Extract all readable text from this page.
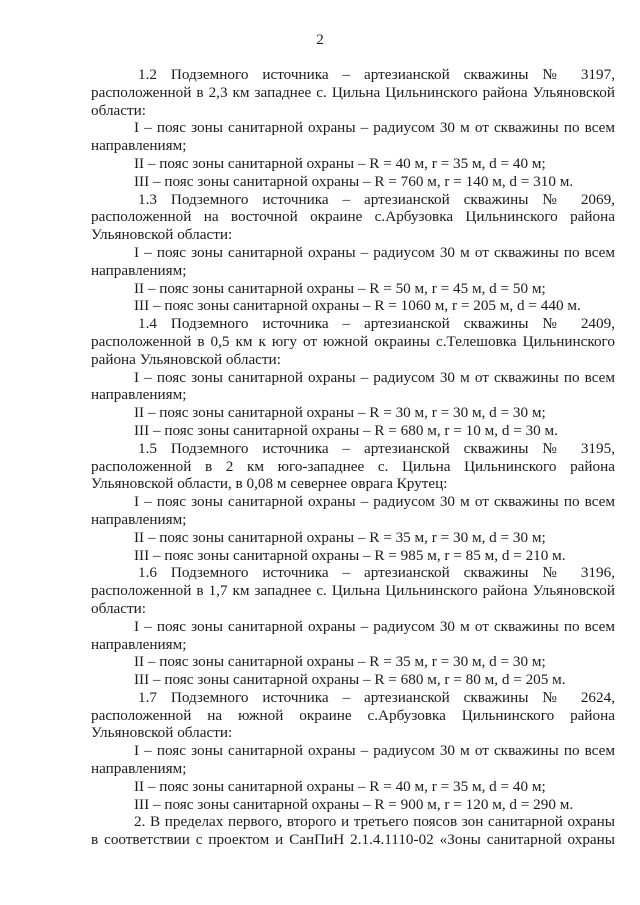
2

1.2 Подземного источника – артезианской скважины № 3197,

расположенной в 2,3 км западнее с. Цильна Цильнинского района Ульяновской

области:

I – пояс зоны санитарной охраны – радиусом 30 м от скважины по всем

направлениям;

II – пояс зоны санитарной охраны – R = 40 м, r = 35 м, d = 40 м;

III – пояс зоны санитарной охраны – R = 760 м, r = 140 м, d = 310 м.

1.3 Подземного источника – артезианской скважины № 2069,

расположенной на восточной окраине с.Арбузовка Цильнинского района

Ульяновской области:

I – пояс зоны санитарной охраны – радиусом 30 м от скважины по всем

направлениям;

II – пояс зоны санитарной охраны – R = 50 м, r = 45 м, d = 50 м;

III – пояс зоны санитарной охраны – R = 1060 м, r = 205 м, d = 440 м.

1.4 Подземного источника – артезианской скважины № 2409,

расположенной в 0,5 км к югу от южной окраины с.Телешовка Цильнинского

района Ульяновской области:

I – пояс зоны санитарной охраны – радиусом 30 м от скважины по всем

направлениям;

II – пояс зоны санитарной охраны – R = 30 м, r = 30 м, d = 30 м;

III – пояс зоны санитарной охраны – R = 680 м, r = 10 м, d = 30 м.

1.5 Подземного источника – артезианской скважины № 3195,

расположенной в 2 км юго-западнее с. Цильна Цильнинского района

Ульяновской области, в 0,08 м севернее оврага Крутец:

I – пояс зоны санитарной охраны – радиусом 30 м от скважины по всем

направлениям;

II – пояс зоны санитарной охраны – R = 35 м, r = 30 м, d = 30 м;

III – пояс зоны санитарной охраны – R = 985 м, r = 85 м, d = 210 м.

1.6 Подземного источника – артезианской скважины № 3196,

расположенной в 1,7 км западнее с. Цильна Цильнинского района Ульяновской

области:

I – пояс зоны санитарной охраны – радиусом 30 м от скважины по всем

направлениям;

II – пояс зоны санитарной охраны – R = 35 м, r = 30 м, d = 30 м;

III – пояс зоны санитарной охраны – R = 680 м, r = 80 м, d = 205 м.

1.7 Подземного источника – артезианской скважины № 2624,

расположенной на южной окраине с.Арбузовка Цильнинского района

Ульяновской области:

I – пояс зоны санитарной охраны – радиусом 30 м от скважины по всем

направлениям;

II – пояс зоны санитарной охраны – R = 40 м, r = 35 м, d = 40 м;

III – пояс зоны санитарной охраны – R = 900 м, r = 120 м, d = 290 м.

2. В пределах первого, второго и третьего поясов зон санитарной охраны

в соответствии с проектом и СанПиН 2.1.4.1110-02 «Зоны санитарной охраны
